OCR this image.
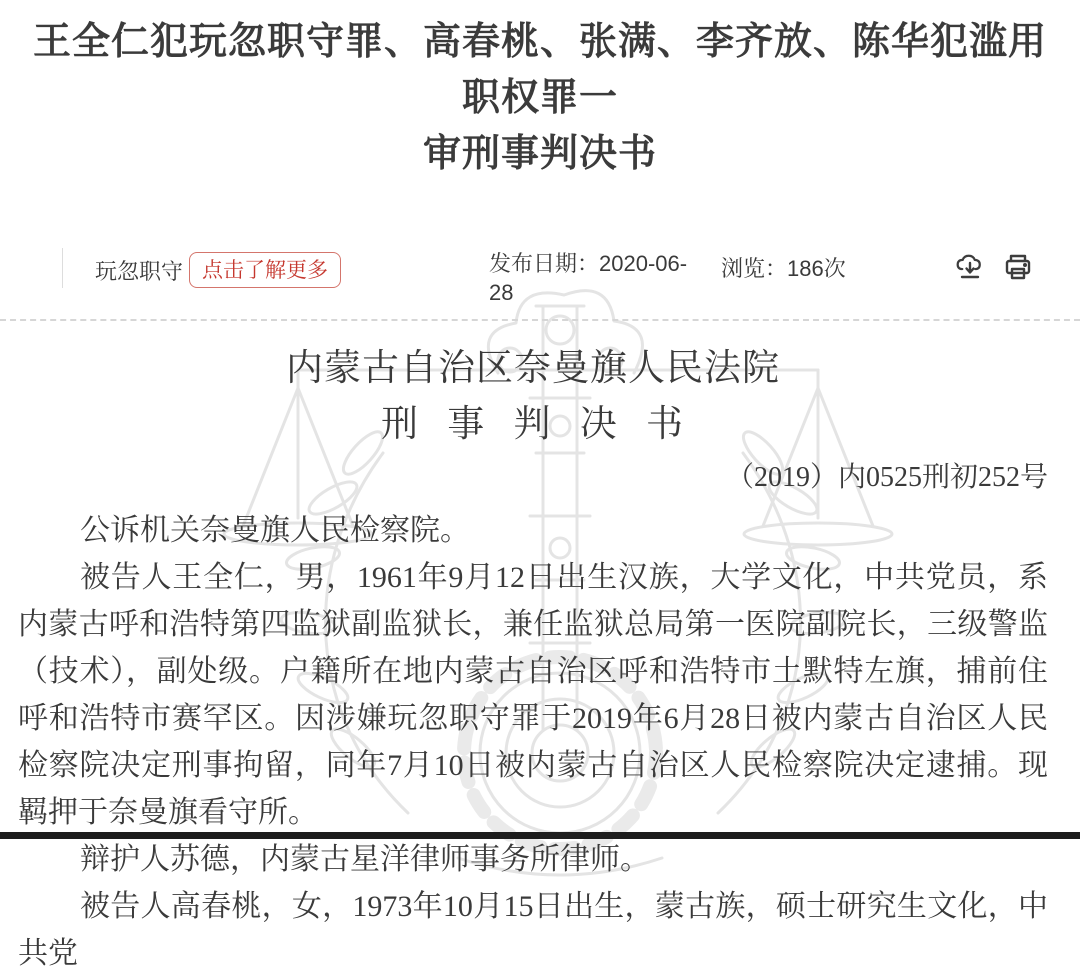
王全仁犯玩忽职守罪、高春桃、张满、李齐放、陈华犯滥用职权罪一
审刑事判决书
玩忽职守 点击了解更多	发布日期：2020-06-28
浏览：186次
内蒙古自治区奈曼旗人民法院
刑 事 判 决 书
（2019）内0525刑初252号

公诉机关奈曼旗人民检察院。

被告人王全仁，男，1961年9月12日出生汉族，大学文化，中共党员，系内蒙古呼和浩特第四监狱副监狱长，兼任监狱总局第一医院副院长，三级警监（技术），副处级。户籍所在地内蒙古自治区呼和浩特市土默特左旗，捕前住呼和浩特市赛罕区。因涉嫌玩忽职守罪于2019年6月28日被内蒙古自治区人民检察院决定刑事拘留，同年7月10日被内蒙古自治区人民检察院决定逮捕。现羁押于奈曼旗看守所。

辩护人苏德，内蒙古星洋律师事务所律师。

被告人高春桃，女，1973年10月15日出生，蒙古族，硕士研究生文化，中共党
